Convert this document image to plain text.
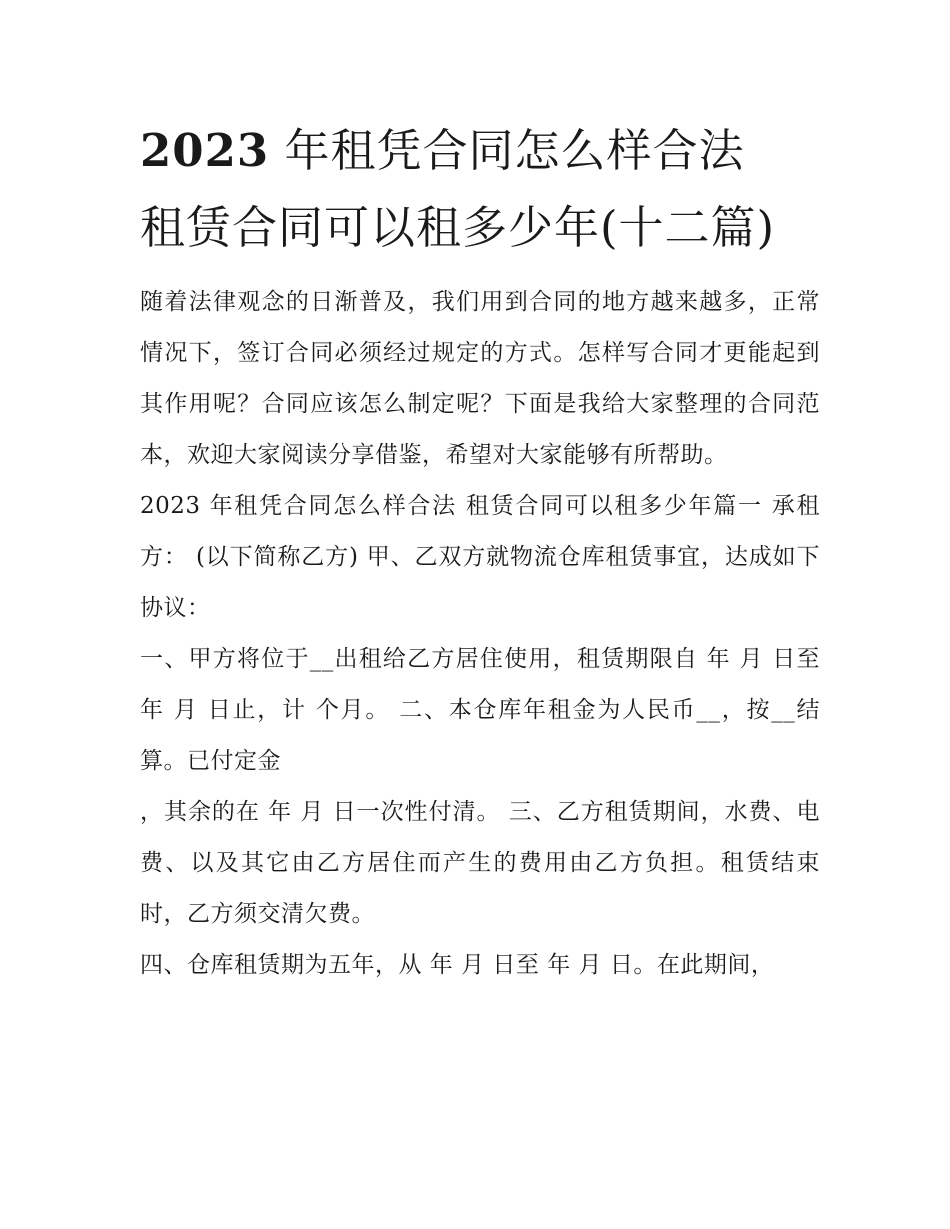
2023 年租凭合同怎么样合法租赁合同可以租多少年(十二篇)

随着法律观念的日渐普及，我们用到合同的地方越来越多，正常情况下，签订合同必须经过规定的方式。怎样写合同才更能起到其作用呢？合同应该怎么制定呢？下面是我给大家整理的合同范本，欢迎大家阅读分享借鉴，希望对大家能够有所帮助。

2023 年租凭合同怎么样合法 租赁合同可以租多少年篇一 承租方： (以下简称乙方) 甲、乙双方就物流仓库租赁事宜，达成如下协议：

一、甲方将位于__出租给乙方居住使用，租赁期限自 年 月 日至 年 月 日止，计 个月。 二、本仓库年租金为人民币__，按__结算。已付定金

，其余的在 年 月 日一次性付清。 三、乙方租赁期间，水费、电费、以及其它由乙方居住而产生的费用由乙方负担。租赁结束时，乙方须交清欠费。

四、仓库租赁期为五年，从 年 月 日至 年 月 日。在此期间，
